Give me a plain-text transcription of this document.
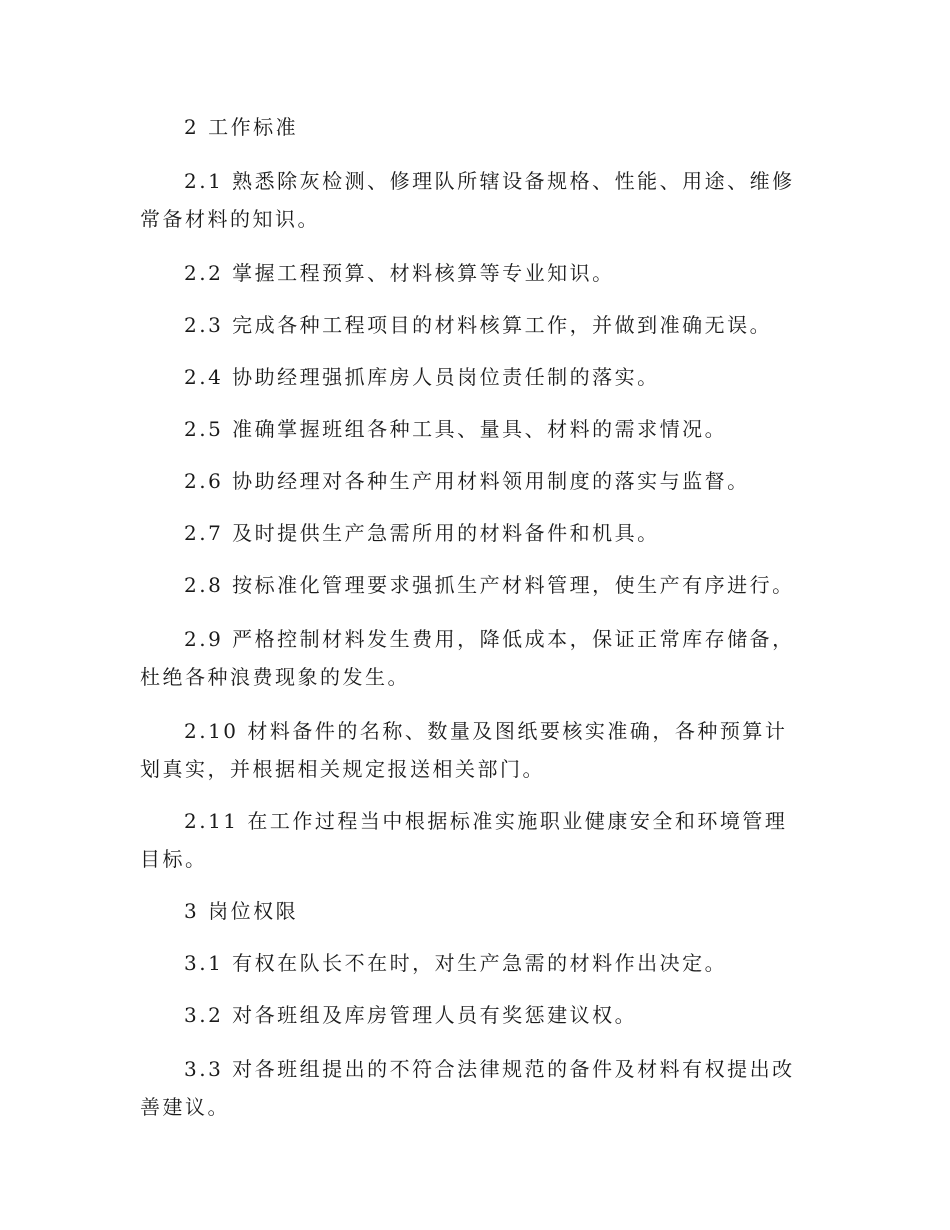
2 工作标准

2.1 熟悉除灰检测、修理队所辖设备规格、性能、用途、维修常备材料的知识。

2.2 掌握工程预算、材料核算等专业知识。

2.3 完成各种工程项目的材料核算工作，并做到准确无误。

2.4 协助经理强抓库房人员岗位责任制的落实。

2.5 准确掌握班组各种工具、量具、材料的需求情况。

2.6 协助经理对各种生产用材料领用制度的落实与监督。

2.7 及时提供生产急需所用的材料备件和机具。

2.8 按标准化管理要求强抓生产材料管理，使生产有序进行。

2.9 严格控制材料发生费用，降低成本，保证正常库存储备，杜绝各种浪费现象的发生。

2.10 材料备件的名称、数量及图纸要核实准确，各种预算计划真实，并根据相关规定报送相关部门。

2.11 在工作过程当中根据标准实施职业健康安全和环境管理目标。

3 岗位权限

3.1 有权在队长不在时，对生产急需的材料作出决定。

3.2 对各班组及库房管理人员有奖惩建议权。

3.3 对各班组提出的不符合法律规范的备件及材料有权提出改善建议。
